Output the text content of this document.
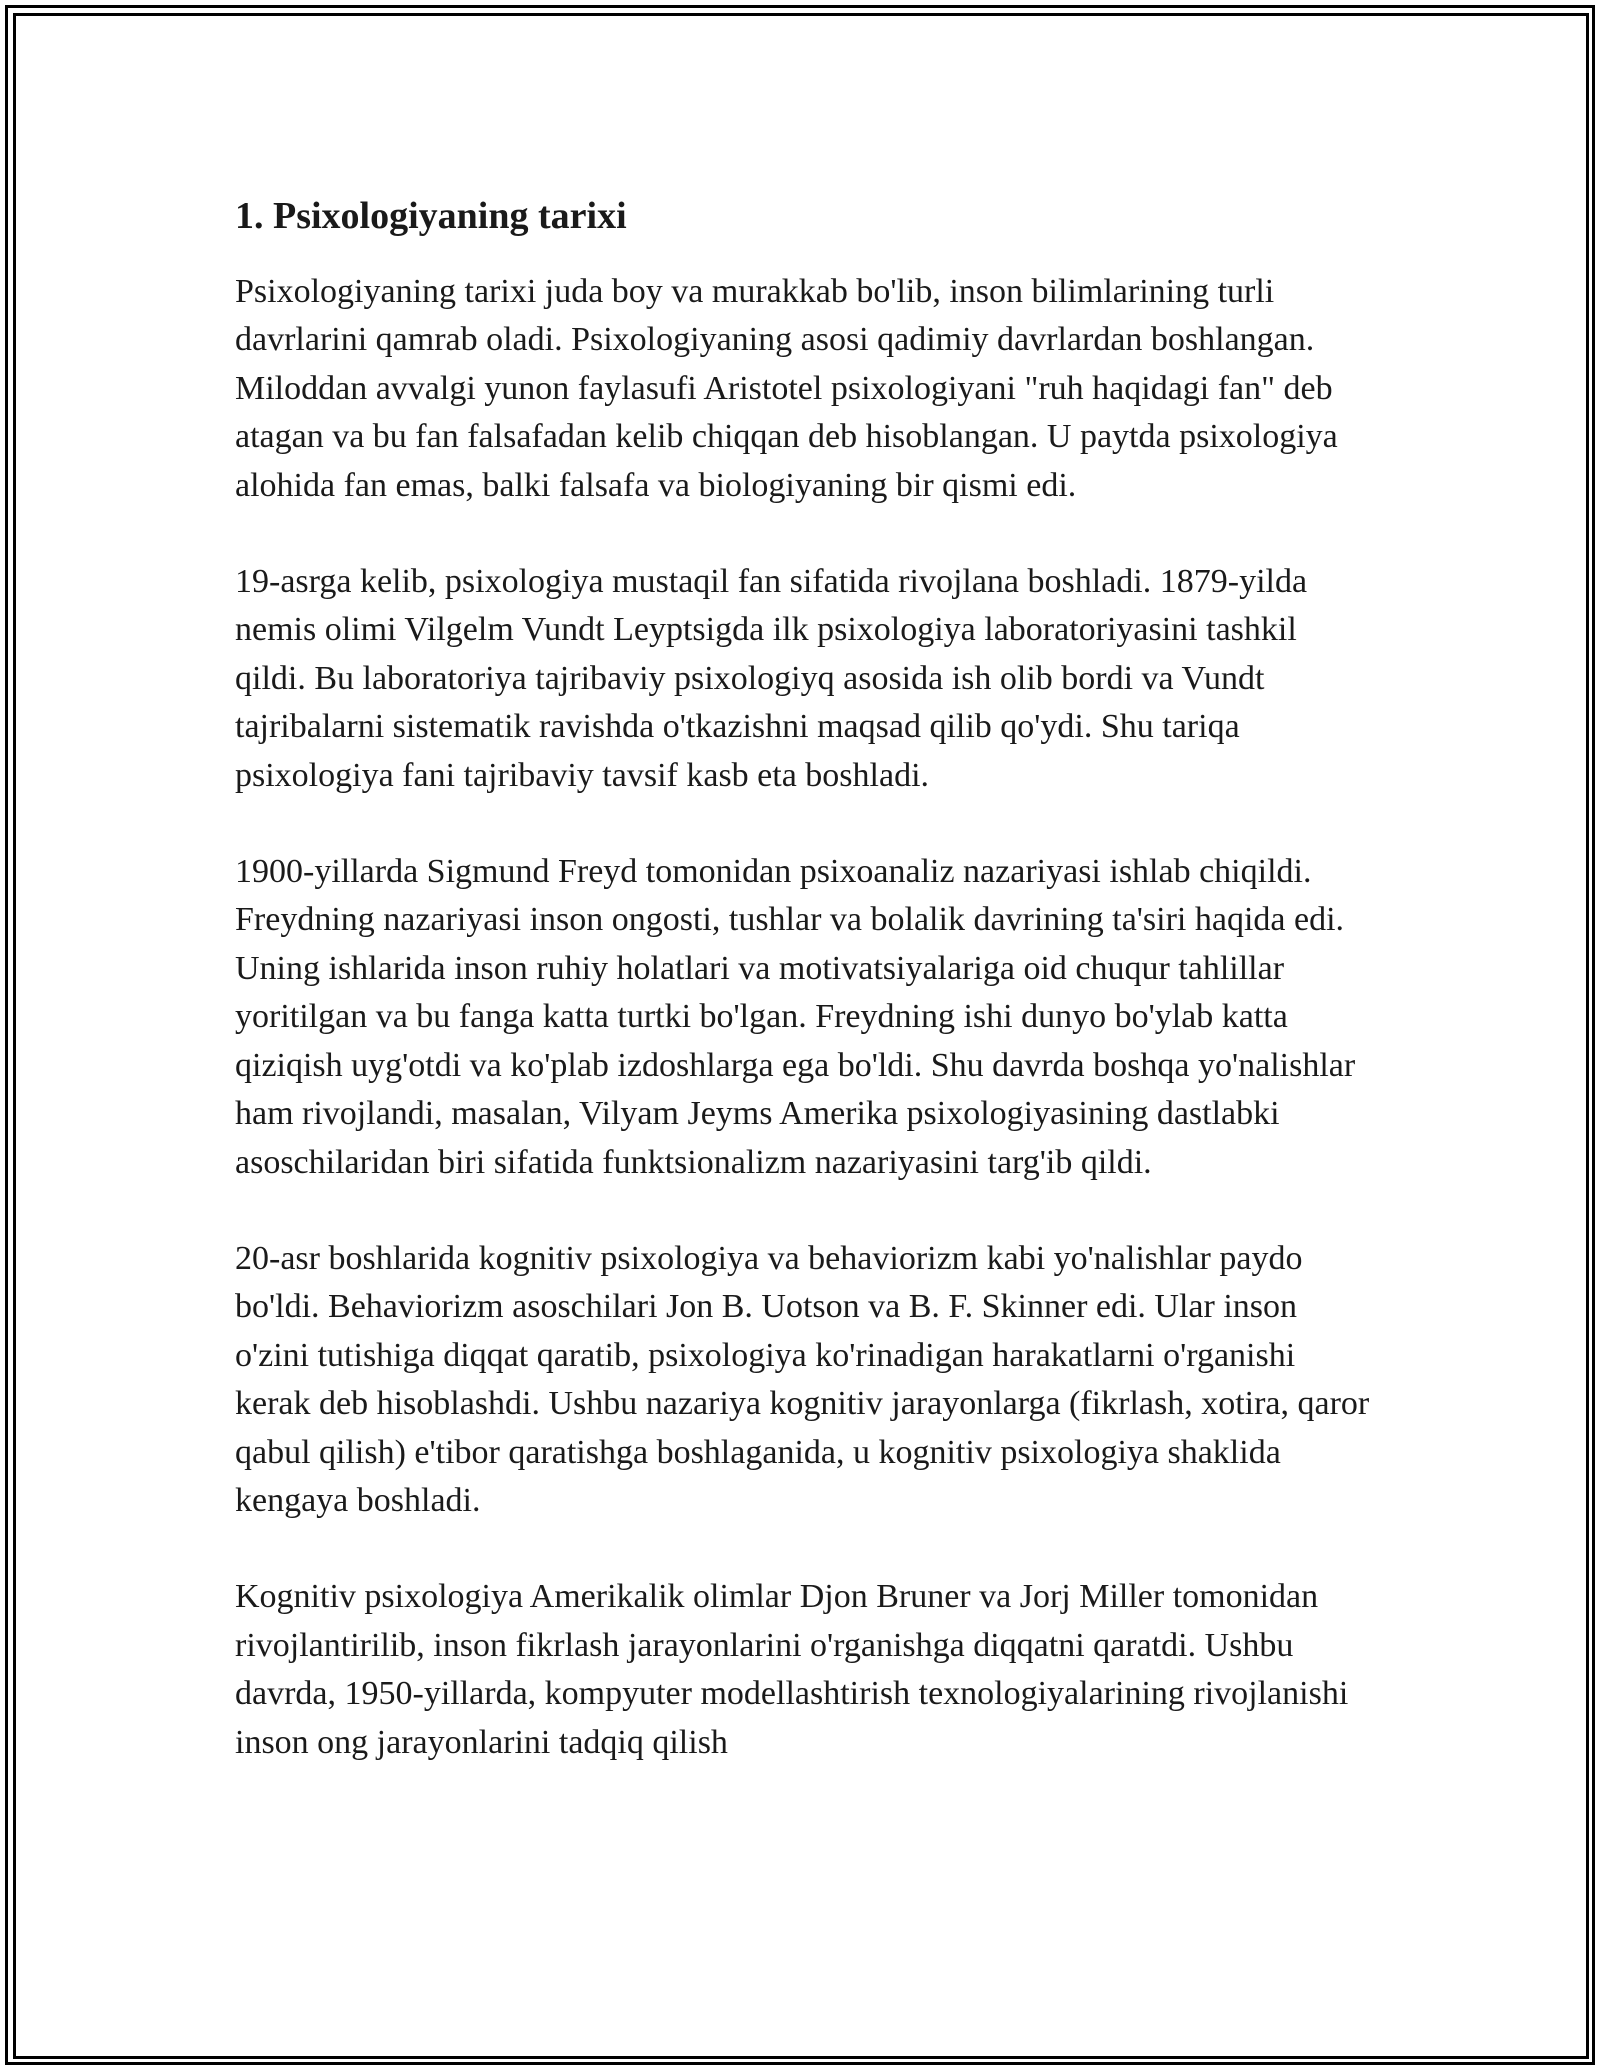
1. Psixologiyaning tarixi

Psixologiyaning tarixi juda boy va murakkab bo'lib, inson bilimlarining turli davrlarini qamrab oladi. Psixologiyaning asosi qadimiy davrlardan boshlangan. Miloddan avvalgi yunon faylasufi Aristotel psixologiyani "ruh haqidagi fan" deb atagan va bu fan falsafadan kelib chiqqan deb hisoblangan. U paytda psixologiya alohida fan emas, balki falsafa va biologiyaning bir qismi edi.

19-asrga kelib, psixologiya mustaqil fan sifatida rivojlana boshladi. 1879-yilda nemis olimi Vilgelm Vundt Leyptsigda ilk psixologiya laboratoriyasini tashkil qildi. Bu laboratoriya tajribaviy psixologiyq asosida ish olib bordi va Vundt tajribalarni sistematik ravishda o'tkazishni maqsad qilib qo'ydi. Shu tariqa psixologiya fani tajribaviy tavsif kasb eta boshladi.

1900-yillarda Sigmund Freyd tomonidan psixoanaliz nazariyasi ishlab chiqildi. Freydning nazariyasi inson ongosti, tushlar va bolalik davrining ta'siri haqida edi. Uning ishlarida inson ruhiy holatlari va motivatsiyalariga oid chuqur tahlillar yoritilgan va bu fanga katta turtki bo'lgan. Freydning ishi dunyo bo'ylab katta qiziqish uyg'otdi va ko'plab izdoshlarga ega bo'ldi. Shu davrda boshqa yo'nalishlar ham rivojlandi, masalan, Vilyam Jeyms Amerika psixologiyasining dastlabki asoschilaridan biri sifatida funktsionalizm nazariyasini targ'ib qildi.

20-asr boshlarida kognitiv psixologiya va behaviorizm kabi yo'nalishlar paydo bo'ldi. Behaviorizm asoschilari Jon B. Uotson va B. F. Skinner edi. Ular inson o'zini tutishiga diqqat qaratib, psixologiya ko'rinadigan harakatlarni o'rganishi kerak deb hisoblashdi. Ushbu nazariya kognitiv jarayonlarga (fikrlash, xotira, qaror qabul qilish) e'tibor qaratishga boshlaganida, u kognitiv psixologiya shaklida kengaya boshladi.

Kognitiv psixologiya Amerikalik olimlar Djon Bruner va Jorj Miller tomonidan rivojlantirilib, inson fikrlash jarayonlarini o'rganishga diqqatni qaratdi. Ushbu davrda, 1950-yillarda, kompyuter modellashtirish texnologiyalarining rivojlanishi inson ong jarayonlarini tadqiq qilish
